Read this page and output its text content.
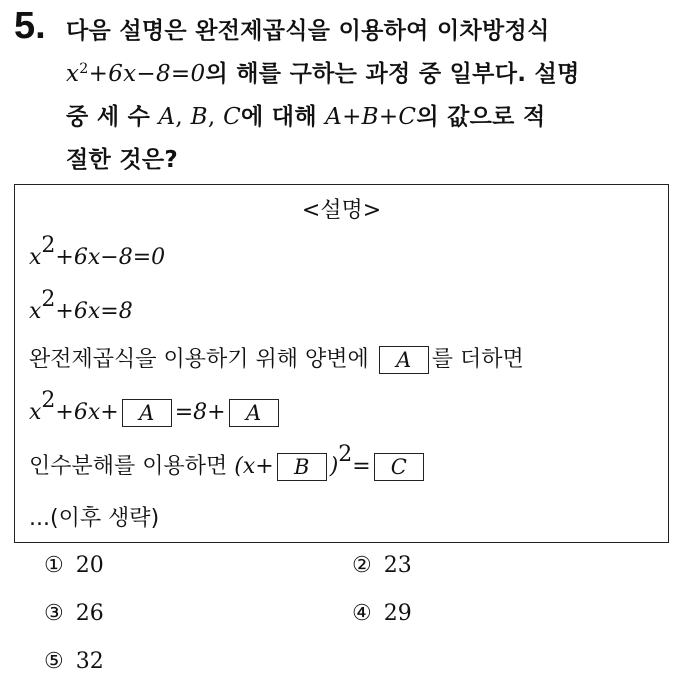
5. 다음 설명은 완전제곱식을 이용하여 이차방정식
$x^2+6x-8=0$의 해를 구하는 과정 중 일부다. 설명
중 세 수 A, B, C에 대해 A+B+C의 값으로 적
절한 것은?
<설명>
$x^2+6x-8=0$
$x^2+6x=8$
완전제곱식을 이용하기 위해 양변에 A 를 더하면
$x^2+6x+ A =8+ A$
인수분해를 이용하면 (x+ B )$^2$= C
...(이후 생략)
① 20	② 23
③ 26	④ 29
⑤ 32
